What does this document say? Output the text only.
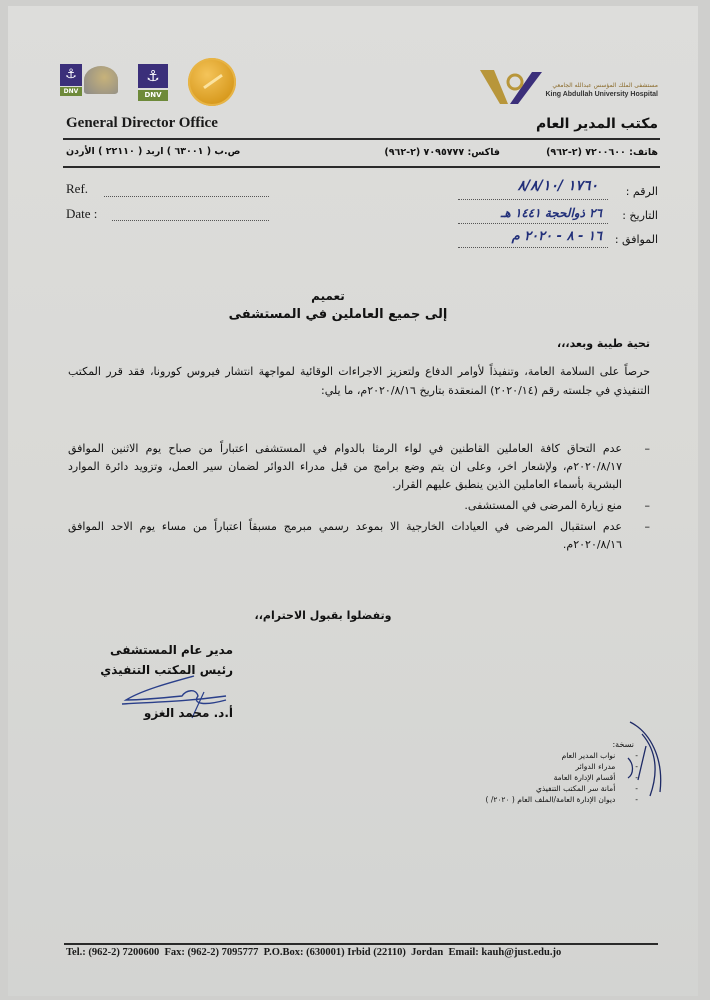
⚓
DNV
⚓
DNV
مستشفى الملك المؤسس عبدالله الجامعي
King Abdullah University Hospital
General Director Office	مكتب المدير العام
ص.ب ( ٦٣٠٠١ ) اربد ( ٢٢١١٠ ) الأردن	هاتف: ٧٢٠٠٦٠٠ (٢-٩٦٢)
فاكس: ٧٠٩٥٧٧٧ (٢-٩٦٢)
Ref.
Date :
الرقم :
١٧٦٠ /٨/٨/١٠
التاريخ :
٢٦ ذوالحجة ١٤٤١ هـ
الموافق :
١٦ - ٨ - ٢٠٢٠ م
تعميم
إلى جميع العاملين في المستشفى
تحية طيبة وبعد،،،
حرصاً على السلامة العامة، وتنفيذاً لأوامر الدفاع ولتعزيز الاجراءات الوقائية لمواجهة انتشار فيروس كورونا، فقد قرر المكتب التنفيذي في جلسته رقم (٢٠٢٠/١٤) المنعقدة بتاريخ ٢٠٢٠/٨/١٦م، ما يلي:
–
عدم التحاق كافة العاملين القاطنين في لواء الرمثا بالدوام في المستشفى اعتباراً من صباح يوم الاثنين الموافق ٢٠٢٠/٨/١٧م، ولإشعار اخر، وعلى ان يتم وضع برامج من قبل مدراء الدوائر لضمان سير العمل، وتزويد دائرة الموارد البشرية بأسماء العاملين الذين ينطبق عليهم القرار.
–
منع زيارة المرضى في المستشفى.
–
عدم استقبال المرضى في العيادات الخارجية الا بموعد رسمي مبرمج مسبقاً اعتباراً من مساء يوم الاحد الموافق ٢٠٢٠/٨/١٦م.
وتفضلوا بقبول الاحترام،،
مدير عام المستشفى
رئيس المكتب التنفيذي
أ.د. محمد الغزو
نسخة:
-نواب المدير العام
-مدراء الدوائر
-أقسام الإدارة العامة
-أمانة سر المكتب التنفيذي
-ديوان الإدارة العامة/الملف العام ( ٢٠٢٠/ )
Tel.: (962-2) 7200600  Fax: (962-2) 7095777  P.O.Box: (630001) Irbid (22110)  Jordan  Email: kauh@just.edu.jo
